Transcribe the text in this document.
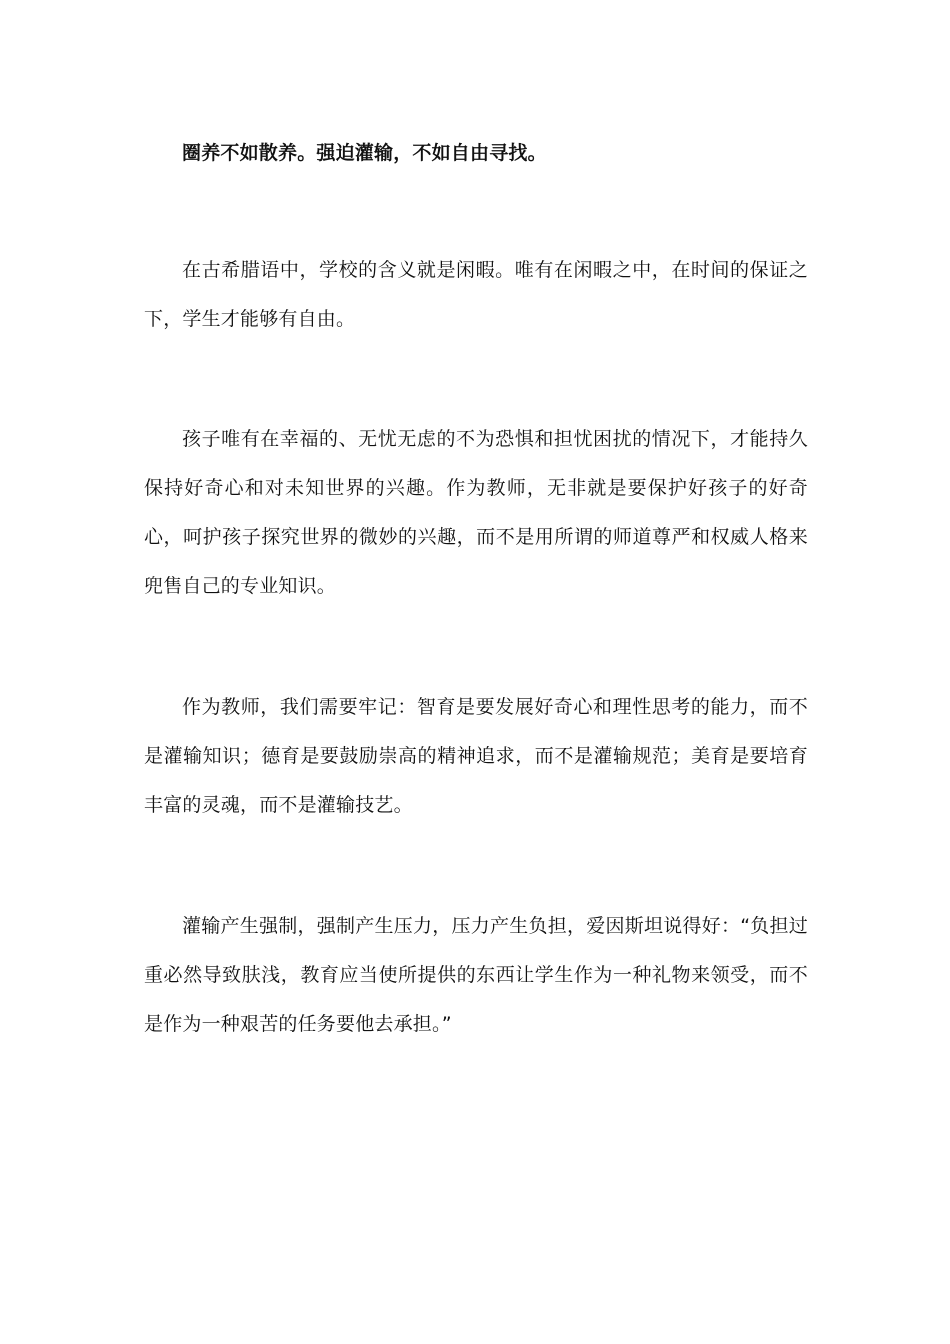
圈养不如散养。强迫灌输，不如自由寻找。

在古希腊语中，学校的含义就是闲暇。唯有在闲暇之中，在时间的保证之下，学生才能够有自由。

孩子唯有在幸福的、无忧无虑的不为恐惧和担忧困扰的情况下，才能持久保持好奇心和对未知世界的兴趣。作为教师，无非就是要保护好孩子的好奇心，呵护孩子探究世界的微妙的兴趣，而不是用所谓的师道尊严和权威人格来兜售自己的专业知识。

作为教师，我们需要牢记：智育是要发展好奇心和理性思考的能力，而不是灌输知识；德育是要鼓励崇高的精神追求，而不是灌输规范；美育是要培育丰富的灵魂，而不是灌输技艺。

灌输产生强制，强制产生压力，压力产生负担，爱因斯坦说得好：“负担过重必然导致肤浅，教育应当使所提供的东西让学生作为一种礼物来领受，而不是作为一种艰苦的任务要他去承担。”
